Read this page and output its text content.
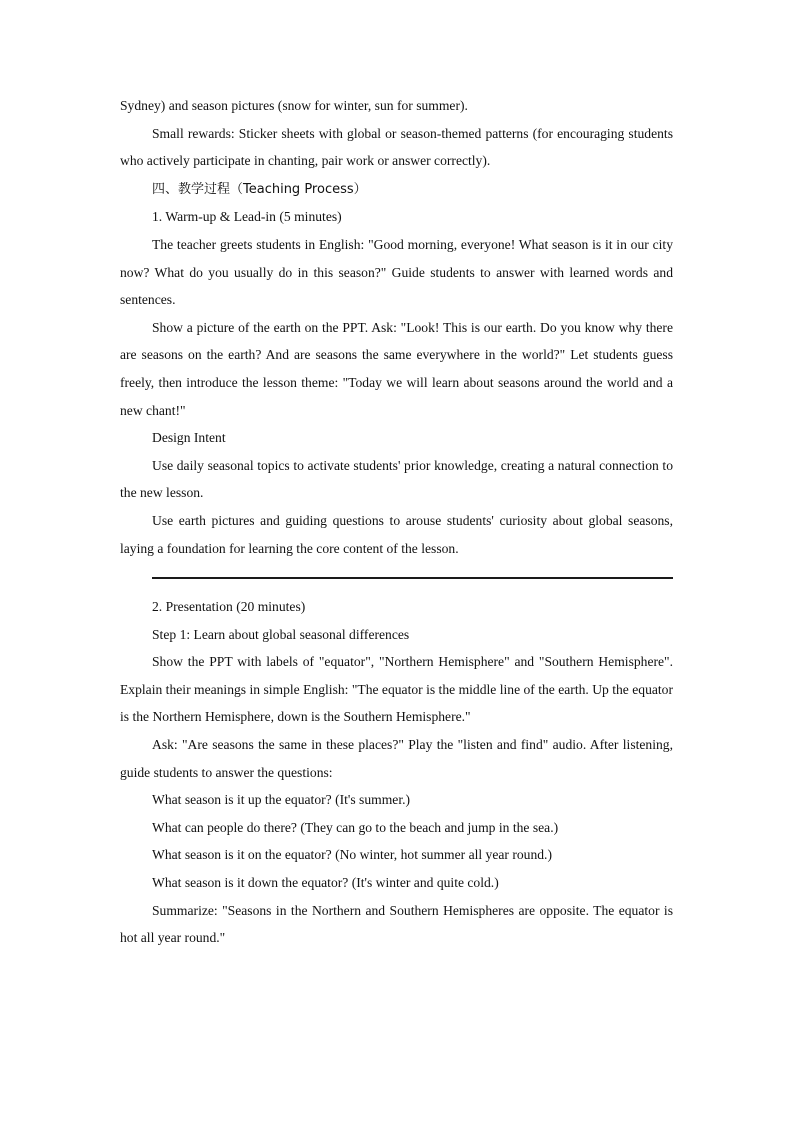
Sydney) and season pictures (snow for winter, sun for summer).

Small rewards: Sticker sheets with global or season-themed patterns (for encouraging students who actively participate in chanting, pair work or answer correctly).

四、教学过程（Teaching Process）

1. Warm-up & Lead-in (5 minutes)

The teacher greets students in English: "Good morning, everyone! What season is it in our city now? What do you usually do in this season?" Guide students to answer with learned words and sentences.

Show a picture of the earth on the PPT. Ask: "Look! This is our earth. Do you know why there are seasons on the earth? And are seasons the same everywhere in the world?" Let students guess freely, then introduce the lesson theme: "Today we will learn about seasons around the world and a new chant!"

Design Intent

Use daily seasonal topics to activate students' prior knowledge, creating a natural connection to the new lesson.

Use earth pictures and guiding questions to arouse students' curiosity about global seasons, laying a foundation for learning the core content of the lesson.

2. Presentation (20 minutes)

Step 1: Learn about global seasonal differences

Show the PPT with labels of "equator", "Northern Hemisphere" and "Southern Hemisphere". Explain their meanings in simple English: "The equator is the middle line of the earth. Up the equator is the Northern Hemisphere, down is the Southern Hemisphere."

Ask: "Are seasons the same in these places?" Play the "listen and find" audio. After listening, guide students to answer the questions:

What season is it up the equator? (It's summer.)

What can people do there? (They can go to the beach and jump in the sea.)

What season is it on the equator? (No winter, hot summer all year round.)

What season is it down the equator? (It's winter and quite cold.)

Summarize: "Seasons in the Northern and Southern Hemispheres are opposite. The equator is hot all year round."
